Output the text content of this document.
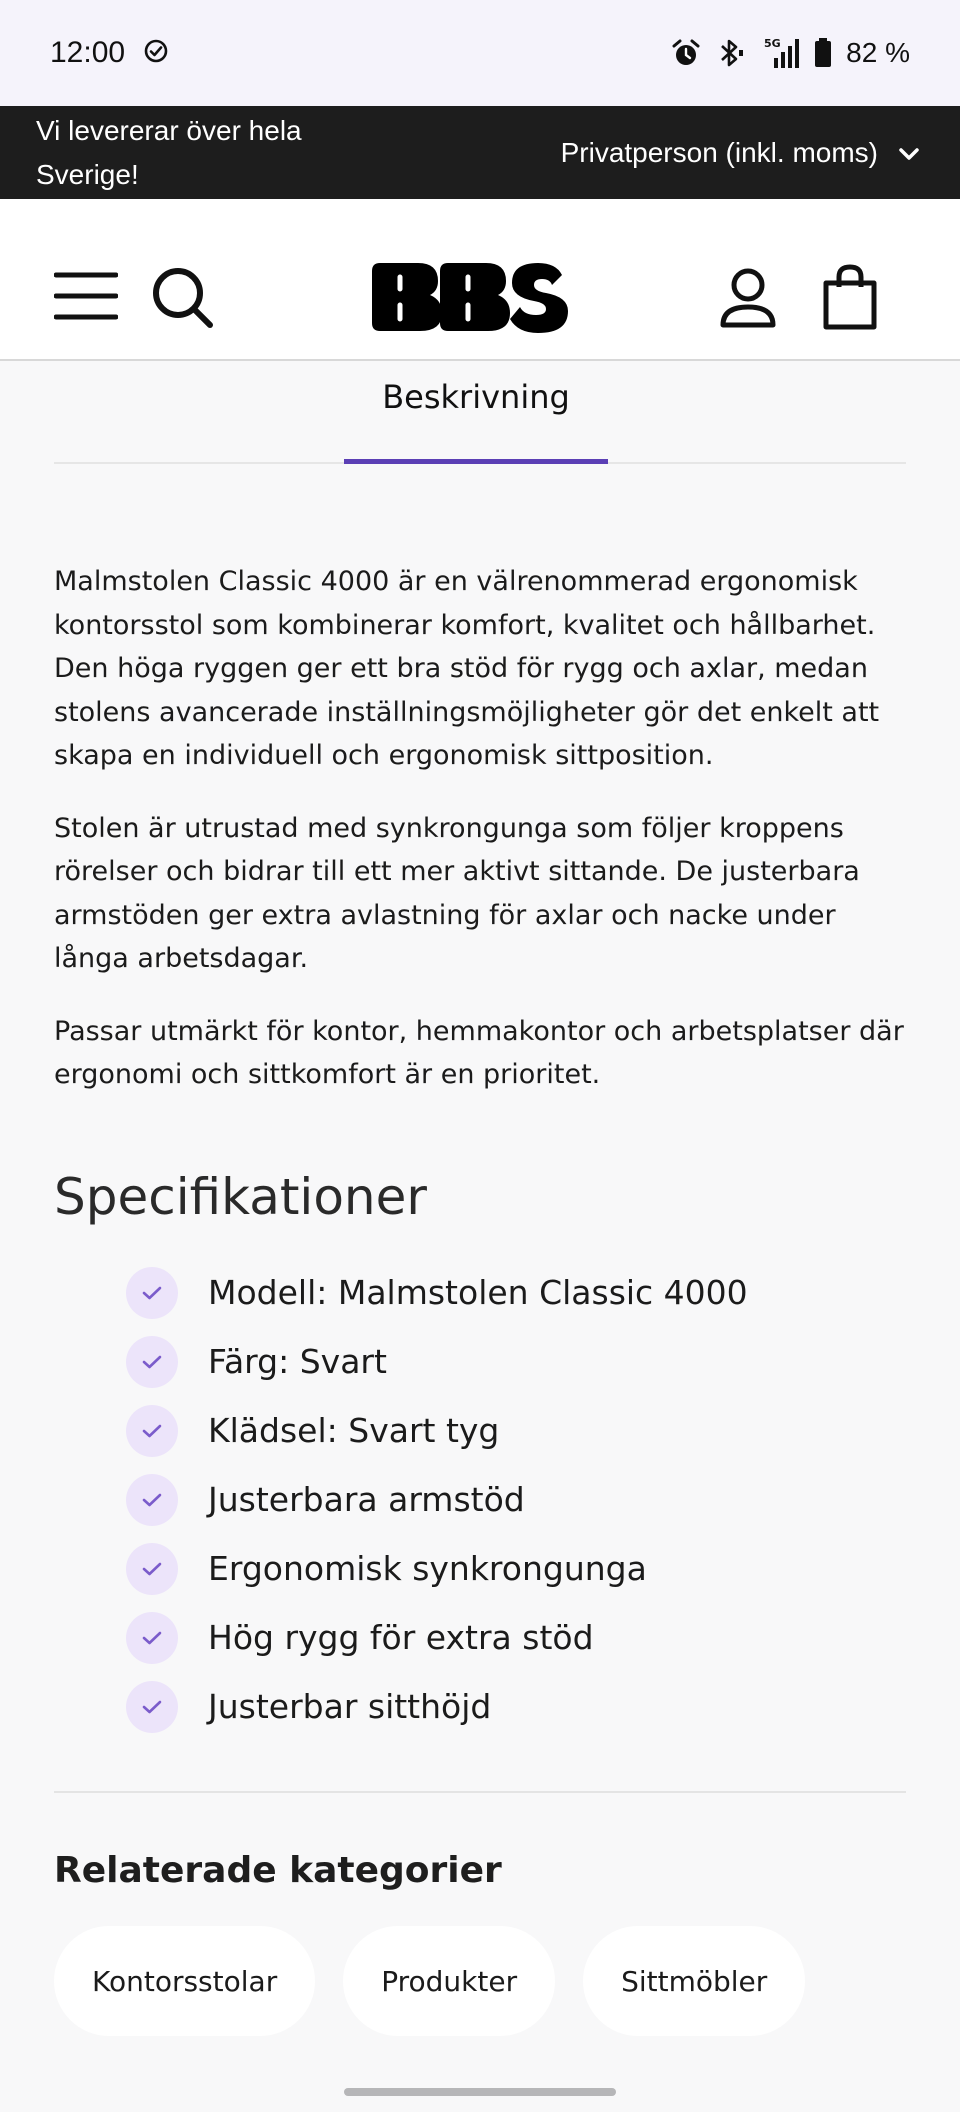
12:00	5G 82 %
Vi levererar över hela Sverige!
Privatperson (inkl. moms)
Beskrivning

Malmstolen Classic 4000 är en välrenommerad ergonomisk kontorsstol som kombinerar komfort, kvalitet och hållbarhet. Den höga ryggen ger ett bra stöd för rygg och axlar, medan stolens avancerade inställningsmöjligheter gör det enkelt att skapa en individuell och ergonomisk sittposition.

Stolen är utrustad med synkrongunga som följer kroppens rörelser och bidrar till ett mer aktivt sittande. De justerbara armstöden ger extra avlastning för axlar och nacke under långa arbetsdagar.

Passar utmärkt för kontor, hemmakontor och arbetsplatser där ergonomi och sittkomfort är en prioritet.

Specifikationer
Modell: Malmstolen Classic 4000
Färg: Svart
Klädsel: Svart tyg
Justerbara armstöd
Ergonomisk synkrongunga
Hög rygg för extra stöd
Justerbar sitthöjd
Relaterade kategorier
Kontorsstolar	Produkter	Sittmöbler
